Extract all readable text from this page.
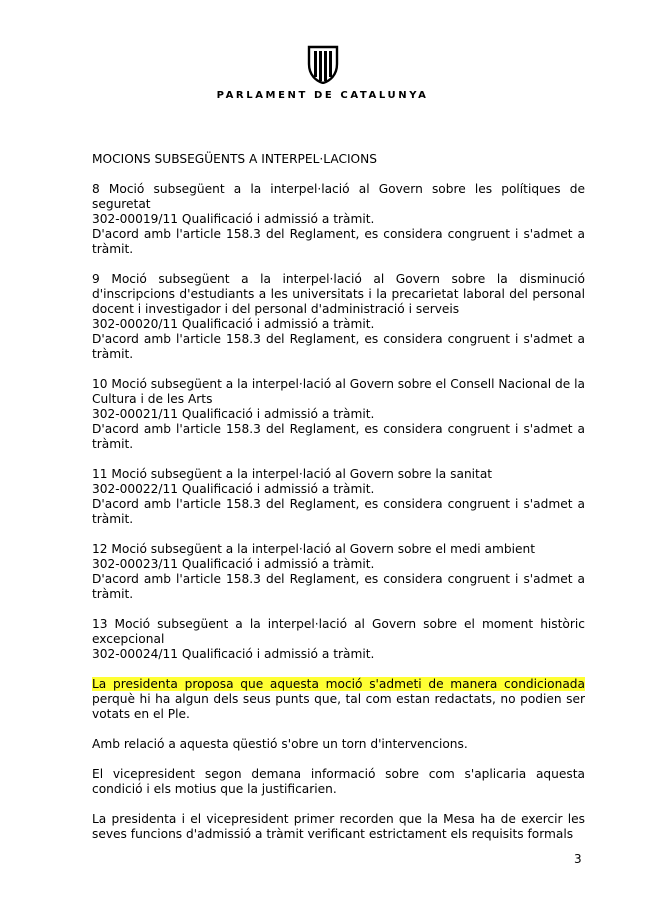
PARLAMENT DE CATALUNYA

MOCIONS SUBSEGÜENTS A INTERPEL·LACIONS

8 Moció subsegüent a la interpel·lació al Govern sobre les polítiques de seguretat

302-00019/11 Qualificació i admissió a tràmit.

D'acord amb l'article 158.3 del Reglament, es considera congruent i s'admet a tràmit.

9 Moció subsegüent a la interpel·lació al Govern sobre la disminució d'inscripcions d'estudiants a les universitats i la precarietat laboral del personal docent i investigador i del personal d'administració i serveis

302-00020/11 Qualificació i admissió a tràmit.

D'acord amb l'article 158.3 del Reglament, es considera congruent i s'admet a tràmit.

10 Moció subsegüent a la interpel·lació al Govern sobre el Consell Nacional de la Cultura i de les Arts

302-00021/11 Qualificació i admissió a tràmit.

D'acord amb l'article 158.3 del Reglament, es considera congruent i s'admet a tràmit.

11 Moció subsegüent a la interpel·lació al Govern sobre la sanitat

302-00022/11 Qualificació i admissió a tràmit.

D'acord amb l'article 158.3 del Reglament, es considera congruent i s'admet a tràmit.

12 Moció subsegüent a la interpel·lació al Govern sobre el medi ambient

302-00023/11 Qualificació i admissió a tràmit.

D'acord amb l'article 158.3 del Reglament, es considera congruent i s'admet a tràmit.

13 Moció subsegüent a la interpel·lació al Govern sobre el moment històric excepcional

302-00024/11 Qualificació i admissió a tràmit.

La presidenta proposa que aquesta moció s'admeti de manera condicionada perquè hi ha algun dels seus punts que, tal com estan redactats, no podien ser votats en el Ple.

Amb relació a aquesta qüestió s'obre un torn d'intervencions.

El vicepresident segon demana informació sobre com s'aplicaria aquesta condició i els motius que la justificarien.

La presidenta i el vicepresident primer recorden que la Mesa ha de exercir les seves funcions d'admissió a tràmit verificant estrictament els requisits formals

3
